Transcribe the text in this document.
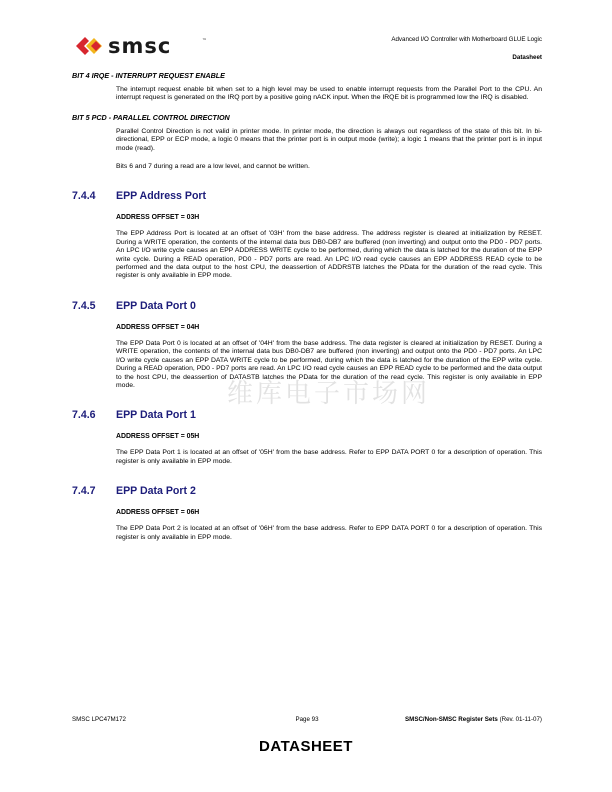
smsc	™	Advanced I/O Controller with Motherboard GLUE Logic
Datasheet
维库电子市场网
BIT 4 IRQE - INTERRUPT REQUEST ENABLE
The interrupt request enable bit when set to a high level may be used to enable interrupt requests from the Parallel Port to the CPU. An interrupt request is generated on the IRQ port by a positive going nACK input. When the IRQE bit is programmed low the IRQ is disabled.
BIT 5 PCD - PARALLEL CONTROL DIRECTION
Parallel Control Direction is not valid in printer mode. In printer mode, the direction is always out regardless of the state of this bit. In bi-directional, EPP or ECP mode, a logic 0 means that the printer port is in output mode (write); a logic 1 means that the printer port is in input mode (read).
Bits 6 and 7 during a read are a low level, and cannot be written.
7.4.4 EPP Address Port
ADDRESS OFFSET = 03H
The EPP Address Port is located at an offset of '03H' from the base address. The address register is cleared at initialization by RESET. During a WRITE operation, the contents of the internal data bus DB0-DB7 are buffered (non inverting) and output onto the PD0 - PD7 ports. An LPC I/O write cycle causes an EPP ADDRESS WRITE cycle to be performed, during which the data is latched for the duration of the EPP write cycle. During a READ operation, PD0 - PD7 ports are read. An LPC I/O read cycle causes an EPP ADDRESS READ cycle to be performed and the data output to the host CPU, the deassertion of ADDRSTB latches the PData for the duration of the read cycle. This register is only available in EPP mode.
7.4.5 EPP Data Port 0
ADDRESS OFFSET = 04H
The EPP Data Port 0 is located at an offset of '04H' from the base address. The data register is cleared at initialization by RESET. During a WRITE operation, the contents of the internal data bus DB0-DB7 are buffered (non inverting) and output onto the PD0 - PD7 ports. An LPC I/O write cycle causes an EPP DATA WRITE cycle to be performed, during which the data is latched for the duration of the EPP write cycle. During a READ operation, PD0 - PD7 ports are read. An LPC I/O read cycle causes an EPP READ cycle to be performed and the data output to the host CPU, the deassertion of DATASTB latches the PData for the duration of the read cycle. This register is only available in EPP mode.
7.4.6 EPP Data Port 1
ADDRESS OFFSET = 05H
The EPP Data Port 1 is located at an offset of '05H' from the base address. Refer to EPP DATA PORT 0 for a description of operation. This register is only available in EPP mode.
7.4.7 EPP Data Port 2
ADDRESS OFFSET = 06H
The EPP Data Port 2 is located at an offset of '06H' from the base address. Refer to EPP DATA PORT 0 for a description of operation. This register is only available in EPP mode.
SMSC LPC47M172	Page 93	SMSC/Non-SMSC Register Sets (Rev. 01-11-07)
DATASHEET
